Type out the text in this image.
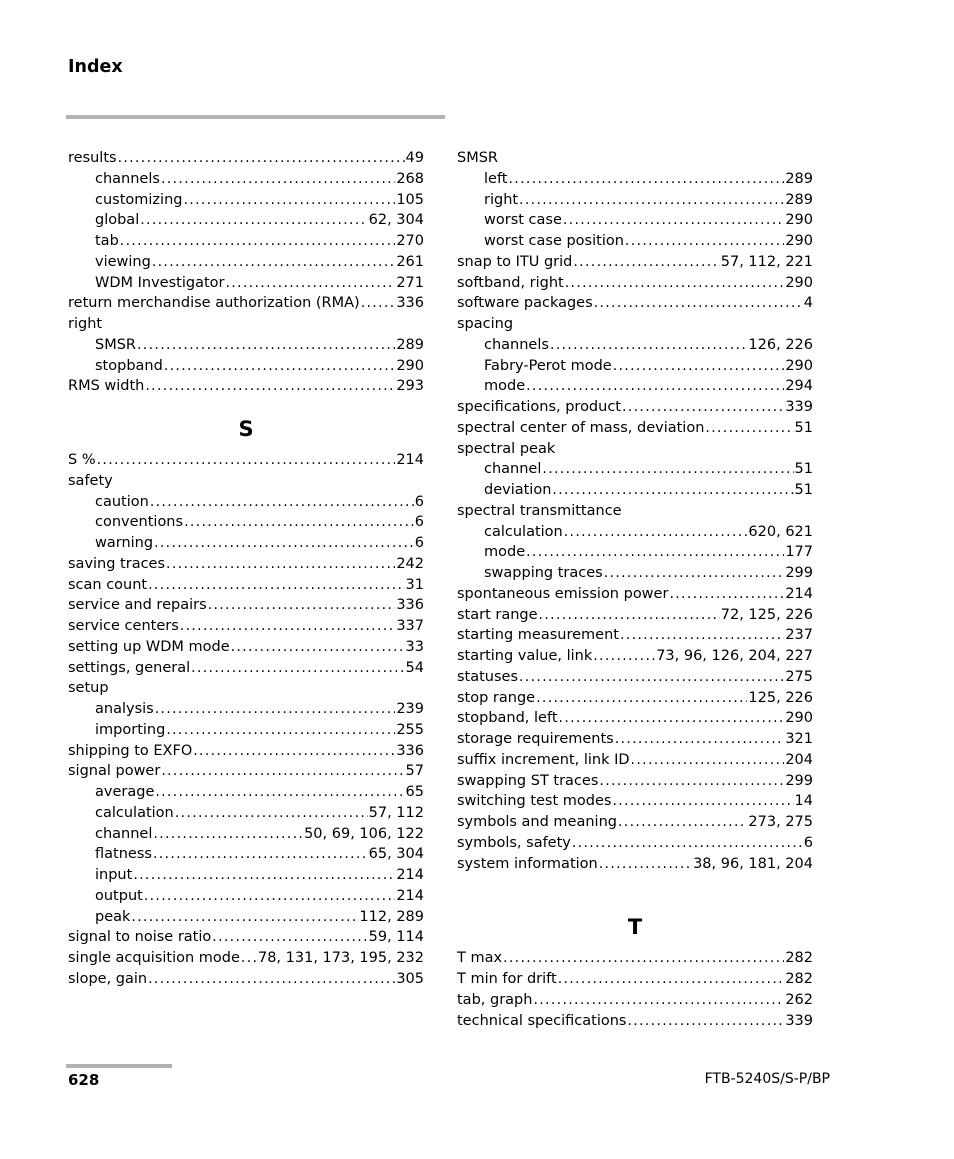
Index
results . . .	49
channels . . .	268
customizing . . .	105
global . . .	62, 304
tab . . .	270
viewing . . .	261
WDM Investigator . . .	271
return merchandise authorization (RMA) . . .	336
right
SMSR . . .	289
stopband . . .	290
RMS width . . .	293
S
S % . . .	214
safety
caution . . .	6
conventions . . .	6
warning . . .	6
saving traces . . .	242
scan count . . .	31
service and repairs . . .	336
service centers . . .	337
setting up WDM mode . . .	33
settings, general . . .	54
setup
analysis . . .	239
importing . . .	255
shipping to EXFO . . .	336
signal power . . .	57
average . . .	65
calculation . . .	57, 112
channel . . .	50, 69, 106, 122
flatness . . .	65, 304
input . . .	214
output . . .	214
peak . . .	112, 289
signal to noise ratio . . .	59, 114
single acquisition mode . . . 78, 131, 173, 195, 232
slope, gain . . .	305
SMSR
left . . .	289
right . . .	289
worst case . . .	290
worst case position . . .	290
snap to ITU grid . . .	57, 112, 221
softband, right . . .	290
software packages . . .	4
spacing
channels . . .	126, 226
Fabry-Perot mode . . .	290
mode . . .	294
specifications, product . . .	339
spectral center of mass, deviation . . .	51
spectral peak
channel . . .	51
deviation . . .	51
spectral transmittance
calculation . . .	620, 621
mode . . .	177
swapping traces . . .	299
spontaneous emission power . . .	214
start range . . .	72, 125, 226
starting measurement . . .	237
starting value, link . . .	73, 96, 126, 204, 227
statuses . . .	275
stop range . . .	125, 226
stopband, left . . .	290
storage requirements . . .	321
suffix increment, link ID . . .	204
swapping ST traces . . .	299
switching test modes . . .	14
symbols and meaning . . .	273, 275
symbols, safety . . .	6
system information . . .	38, 96, 181, 204
T
T max . . .	282
T min for drift . . .	282
tab, graph . . .	262
technical specifications . . .	339
628	FTB-5240S/S-P/BP
